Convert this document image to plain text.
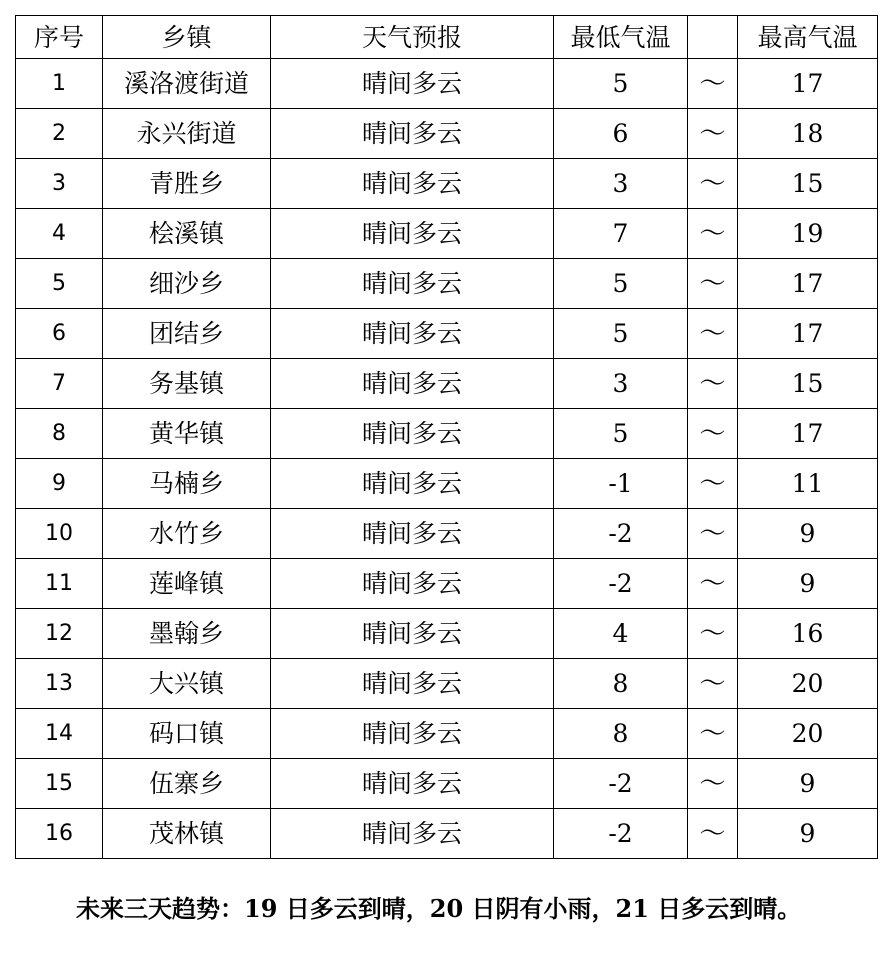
序号	乡镇	天气预报	最低气温		最高气温
1	溪洛渡街道	晴间多云	5	～	17
2	永兴街道	晴间多云	6	～	18
3	青胜乡	晴间多云	3	～	15
4	桧溪镇	晴间多云	7	～	19
5	细沙乡	晴间多云	5	～	17
6	团结乡	晴间多云	5	～	17
7	务基镇	晴间多云	3	～	15
8	黄华镇	晴间多云	5	～	17
9	马楠乡	晴间多云	-1	～	11
10	水竹乡	晴间多云	-2	～	9
11	莲峰镇	晴间多云	-2	～	9
12	墨翰乡	晴间多云	4	～	16
13	大兴镇	晴间多云	8	～	20
14	码口镇	晴间多云	8	～	20
15	伍寨乡	晴间多云	-2	～	9
16	茂林镇	晴间多云	-2	～	9
未来三天趋势：19 日多云到晴，20 日阴有小雨，21 日多云到晴。
